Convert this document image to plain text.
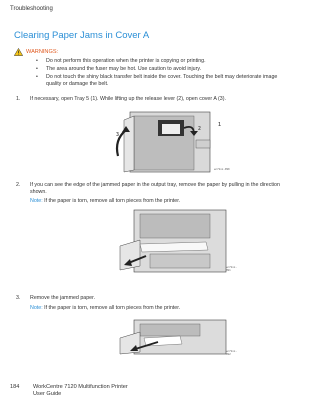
Troubleshooting
Clearing Paper Jams in Cover A
WARNINGS:
• Do not perform this operation when the printer is copying or printing.
• The area around the fuser may be hot. Use caution to avoid injury.
• Do not touch the shiny black transfer belt inside the cover. Touching the belt may deteriorate image quality or damage the belt.
1. If necessary, open Tray 5 (1). While lifting up the release lever (2), open cover A (3).
1
2
3
wc71xx-090
2. If you can see the edge of the jammed paper in the output tray, remove the paper by pulling in the direction shown.
Note: If the paper is torn, remove all torn pieces from the printer.
wc71xx-091
3. Remove the jammed paper.
Note: If the paper is torn, remove all torn pieces from the printer.
wc71xx-092
184 WorkCentre 7120 Multifunction Printer
User Guide
